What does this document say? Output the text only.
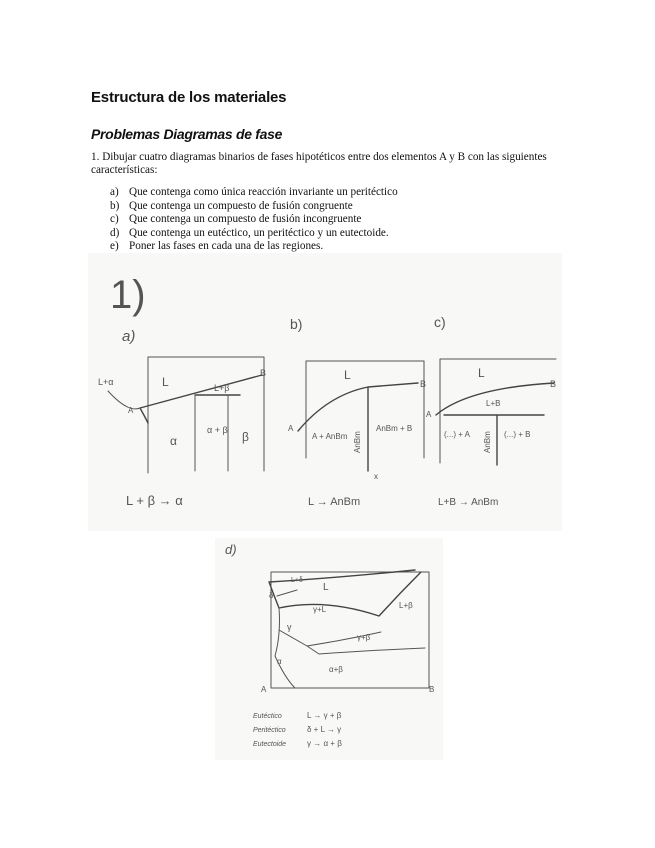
Estructura de los materiales
Problemas Diagramas de fase

1. Dibujar cuatro diagramas binarios de fases hipotéticos entre dos elementos A y B con las siguientes características:

a) Que contenga como única reacción invariante un peritéctico
b) Que contenga un compuesto de fusión congruente
c) Que contenga un compuesto de fusión incongruente
d) Que contenga un eutéctico, un peritéctico y un eutectoide.
e) Poner las fases en cada una de las regiones.
1)
a)
L
L+α
L+β
A
B
α
α + β β
L + β → α
b)
L
A
B
A + AnBm AnBm
AnBm + B
x
L → AnBm
c)
L
L+B
A
B
(...) + A AnBm (...) + B
L+B → AnBm
d)
L+δ
L
δ
γ+L
γ
L+β
γ+β
α
α+β
A	B
Eutéctico	L → γ + β
Peritéctico	δ + L → γ
Eutectoide	γ → α + β
